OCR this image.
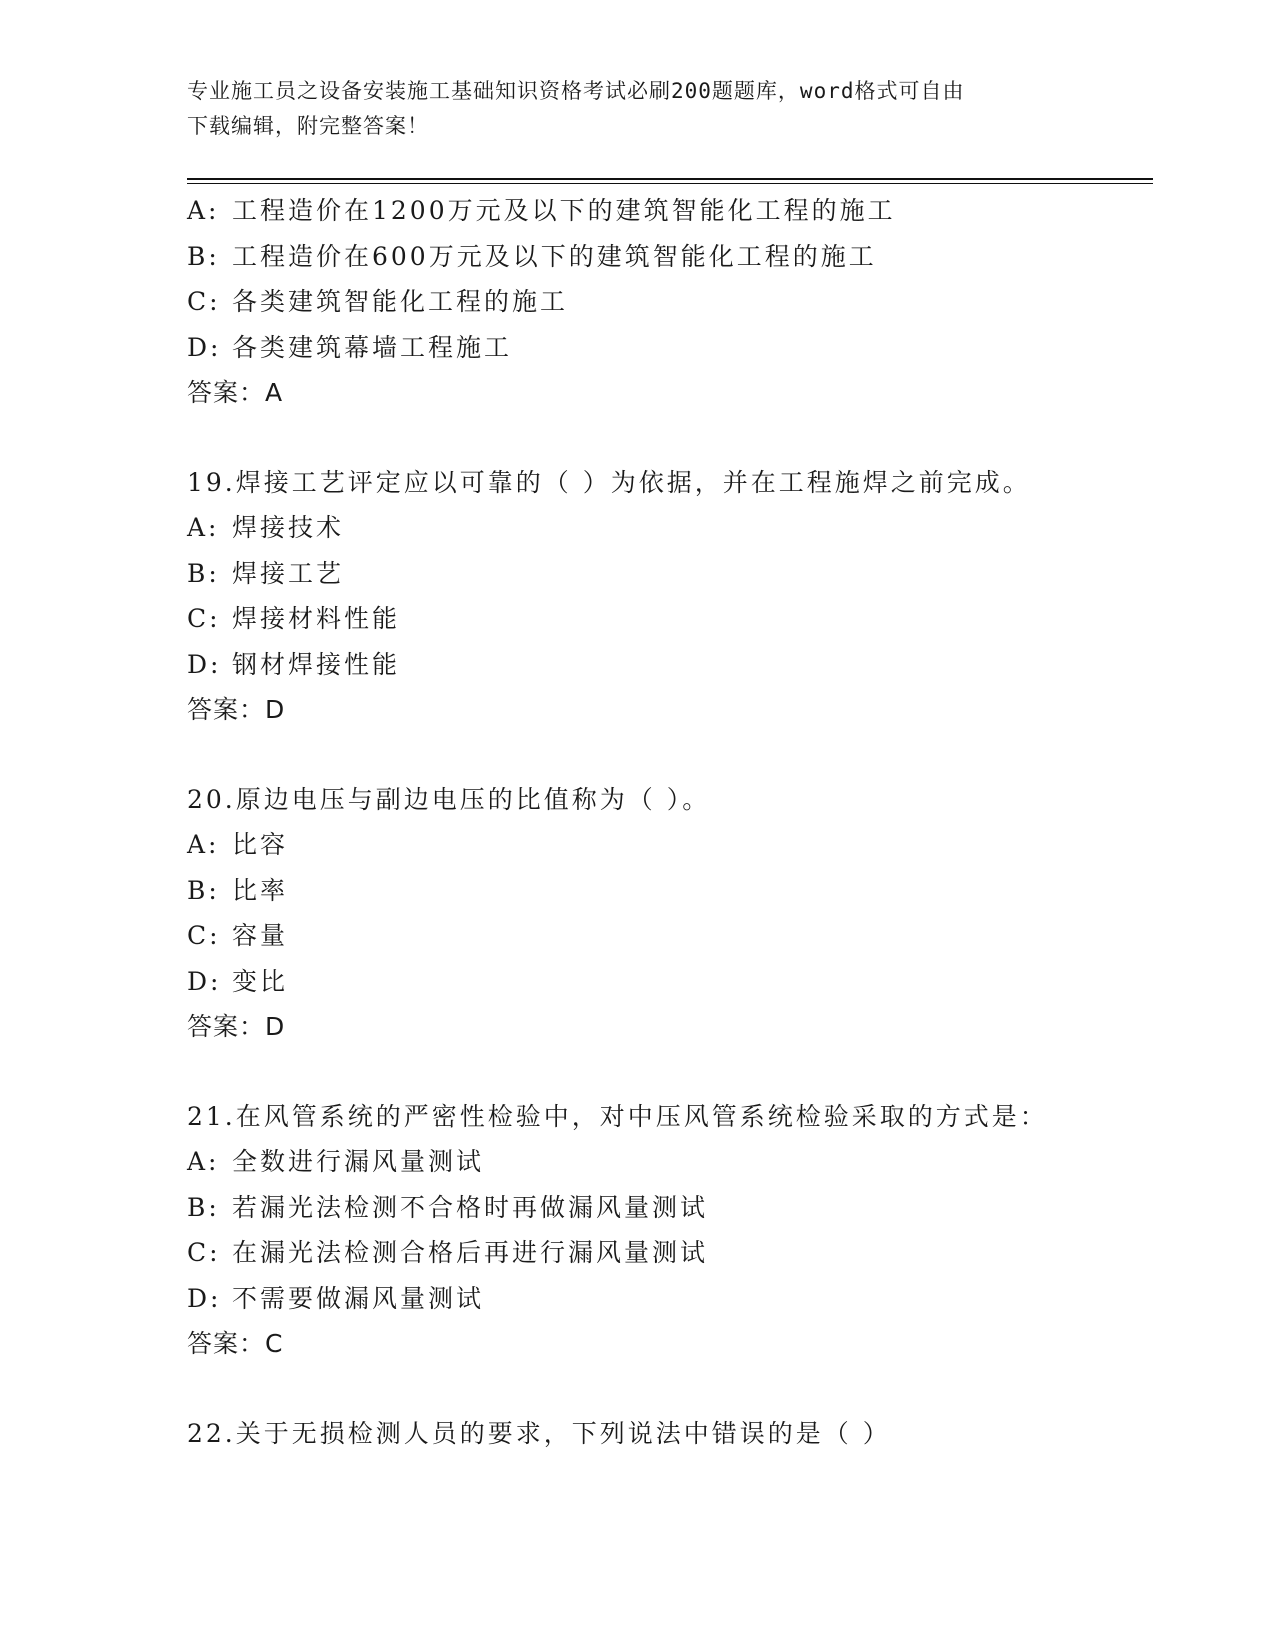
专业施工员之设备安装施工基础知识资格考试必刷200题题库，word格式可自由
下载编辑，附完整答案！
A: 工程造价在1200万元及以下的建筑智能化工程的施工
B: 工程造价在600万元及以下的建筑智能化工程的施工
C: 各类建筑智能化工程的施工
D: 各类建筑幕墙工程施工
答案：A
19.焊接工艺评定应以可靠的（ ）为依据，并在工程施焊之前完成。
A: 焊接技术
B: 焊接工艺
C: 焊接材料性能
D: 钢材焊接性能
答案：D
20.原边电压与副边电压的比值称为（ ）。
A: 比容
B: 比率
C: 容量
D: 变比
答案：D
21.在风管系统的严密性检验中，对中压风管系统检验采取的方式是：
A: 全数进行漏风量测试
B: 若漏光法检测不合格时再做漏风量测试
C: 在漏光法检测合格后再进行漏风量测试
D: 不需要做漏风量测试
答案：C
22.关于无损检测人员的要求，下列说法中错误的是（ ）
